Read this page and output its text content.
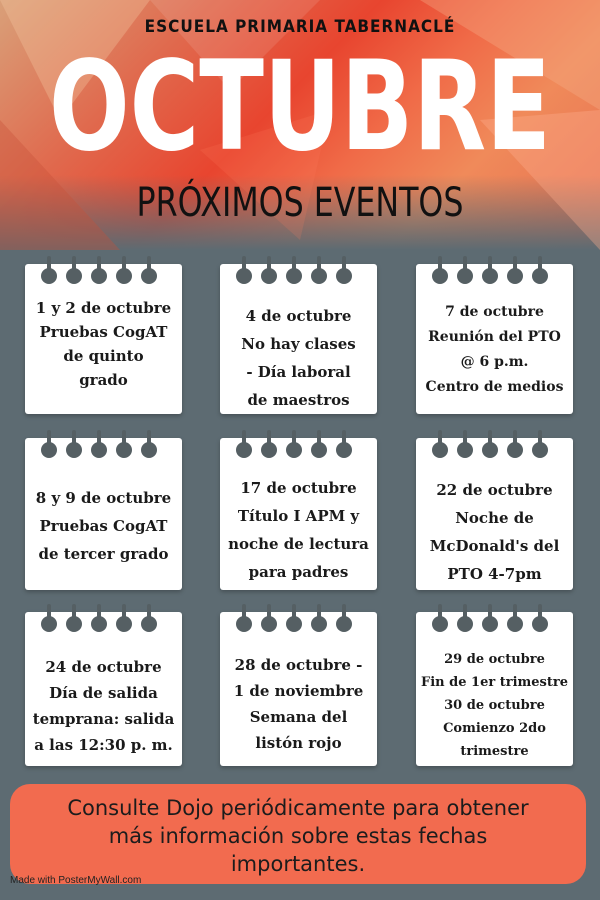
ESCUELA PRIMARIA TABERNACLÉ
OCTUBRE
PRÓXIMOS EVENTOS
1 y 2 de octubre
Pruebas CogAT
de quinto
grado
4 de octubre
No hay clases
- Día laboral
de maestros
7 de octubre
Reunión del PTO
@ 6 p.m.
Centro de medios
8 y 9 de octubre
Pruebas CogAT
de tercer grado
17 de octubre
Título I APM y
noche de lectura
para padres
22 de octubre
Noche de
McDonald's del
PTO 4-7pm
24 de octubre
Día de salida
temprana: salida
a las 12:30 p. m.
28 de octubre -
1 de noviembre
Semana del
listón rojo
29 de octubre
Fin de 1er trimestre
30 de octubre
Comienzo 2do
trimestre
Consulte Dojo periódicamente para obtener
más información sobre estas fechas
importantes.
Made with PosterMyWall.com
